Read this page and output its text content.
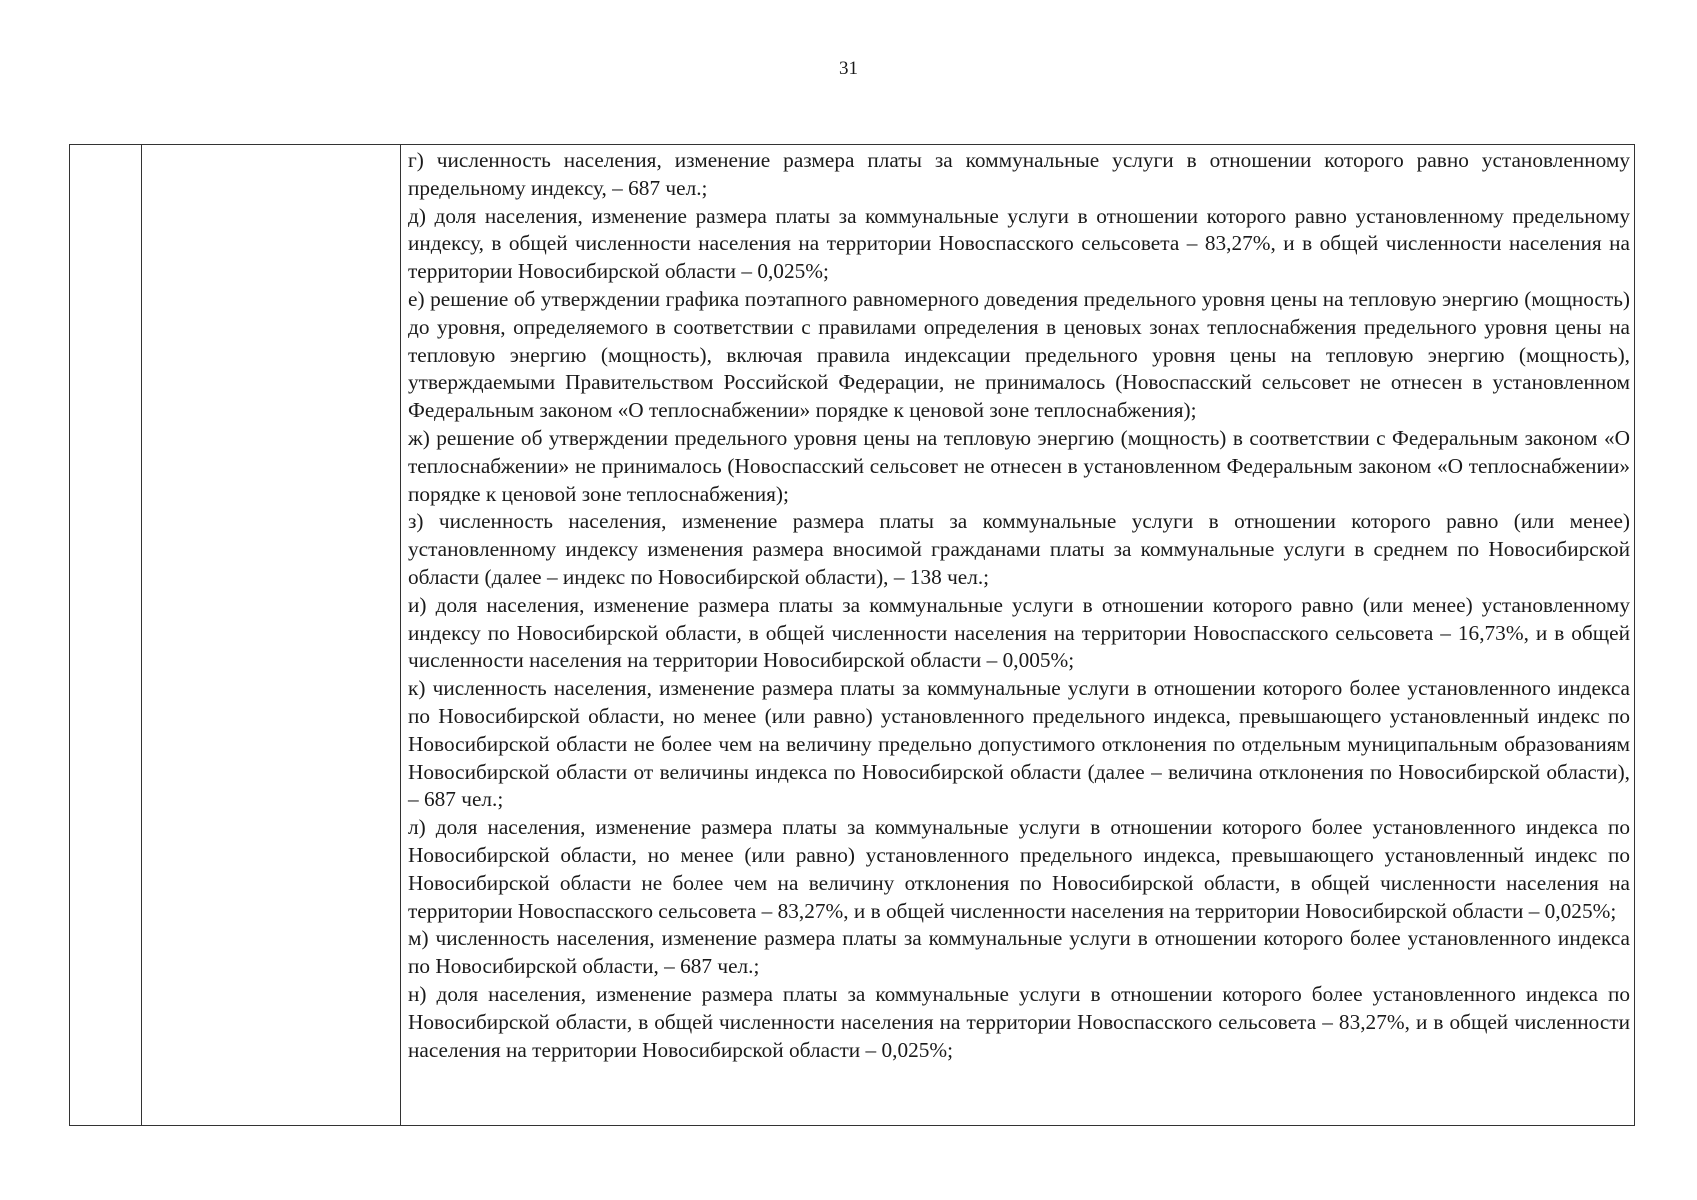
31

г) численность населения, изменение размера платы за коммунальные услуги в отношении которого равно установленному предельному индексу, – 687 чел.;

д) доля населения, изменение размера платы за коммунальные услуги в отношении которого равно установленному предельному индексу, в общей численности населения на территории Новоспасского сельсовета – 83,27%, и в общей численности населения на территории Новосибирской области – 0,025%;

е) решение об утверждении графика поэтапного равномерного доведения предельного уровня цены на тепловую энергию (мощность) до уровня, определяемого в соответствии с правилами определения в ценовых зонах теплоснабжения предельного уровня цены на тепловую энергию (мощность), включая правила индексации предельного уровня цены на тепловую энергию (мощность), утверждаемыми Правительством Российской Федерации, не принималось (Новоспасский сельсовет не отнесен в установленном Федеральным законом «О теплоснабжении» порядке к ценовой зоне теплоснабжения);

ж) решение об утверждении предельного уровня цены на тепловую энергию (мощность) в соответствии с Федеральным законом «О теплоснабжении» не принималось (Новоспасский сельсовет не отнесен в установленном Федеральным законом «О теплоснабжении» порядке к ценовой зоне теплоснабжения);

з) численность населения, изменение размера платы за коммунальные услуги в отношении которого равно (или менее) установленному индексу изменения размера вносимой гражданами платы за коммунальные услуги в среднем по Новосибирской области (далее – индекс по Новосибирской области), – 138 чел.;

и) доля населения, изменение размера платы за коммунальные услуги в отношении которого равно (или менее) установленному индексу по Новосибирской области, в общей численности населения на территории Новоспасского сельсовета – 16,73%, и в общей численности населения на территории Новосибирской области – 0,005%;

к) численность населения, изменение размера платы за коммунальные услуги в отношении которого более установленного индекса по Новосибирской области, но менее (или равно) установленного предельного индекса, превышающего установленный индекс по Новосибирской области не более чем на величину предельно допустимого отклонения по отдельным муниципальным образованиям Новосибирской области от величины индекса по Новосибирской области (далее – величина отклонения по Новосибирской области), – 687 чел.;

л) доля населения, изменение размера платы за коммунальные услуги в отношении которого более установленного индекса по Новосибирской области, но менее (или равно) установленного предельного индекса, превышающего установленный индекс по Новосибирской области не более чем на величину отклонения по Новосибирской области, в общей численности населения на территории Новоспасского сельсовета – 83,27%, и в общей численности населения на территории Новосибирской области – 0,025%;

м) численность населения, изменение размера платы за коммунальные услуги в отношении которого более установленного индекса по Новосибирской области, – 687 чел.;

н) доля населения, изменение размера платы за коммунальные услуги в отношении которого более установленного индекса по Новосибирской области, в общей численности населения на территории Новоспасского сельсовета – 83,27%, и в общей численности населения на территории Новосибирской области – 0,025%;
